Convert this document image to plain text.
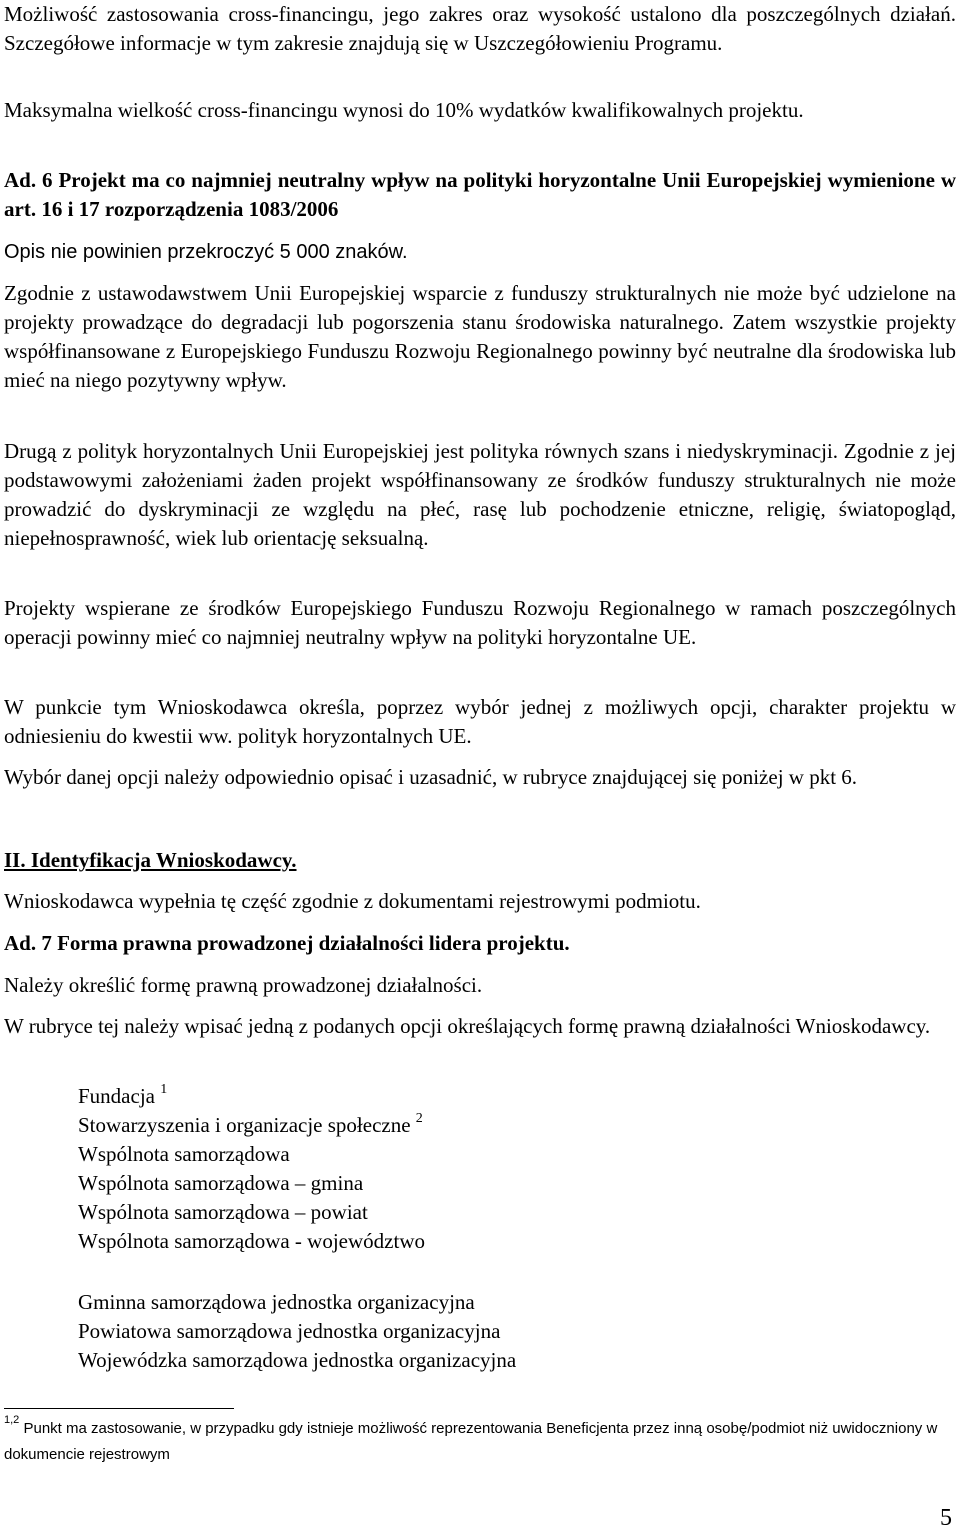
Możliwość zastosowania cross-financingu, jego zakres oraz wysokość ustalono dla poszczególnych działań. Szczegółowe informacje w tym zakresie znajdują się w Uszczegółowieniu Programu.

Maksymalna wielkość cross-financingu wynosi do 10% wydatków kwalifikowalnych projektu.

Ad. 6 Projekt ma co najmniej neutralny wpływ na polityki horyzontalne Unii Europejskiej wymienione w art. 16 i 17 rozporządzenia 1083/2006

Opis nie powinien przekroczyć 5 000 znaków.

Zgodnie z ustawodawstwem Unii Europejskiej wsparcie z funduszy strukturalnych nie może być udzielone na projekty prowadzące do degradacji lub pogorszenia stanu środowiska naturalnego. Zatem wszystkie projekty współfinansowane z Europejskiego Funduszu Rozwoju Regionalnego powinny być neutralne dla środowiska lub mieć na niego pozytywny wpływ.

Drugą z polityk horyzontalnych Unii Europejskiej jest polityka równych szans i niedyskryminacji. Zgodnie z jej podstawowymi założeniami żaden projekt współfinansowany ze środków funduszy strukturalnych nie może prowadzić do dyskryminacji ze względu na płeć, rasę lub pochodzenie etniczne, religię, światopogląd, niepełnosprawność, wiek lub orientację seksualną.

Projekty wspierane ze środków Europejskiego Funduszu Rozwoju Regionalnego w ramach poszczególnych operacji powinny mieć co najmniej neutralny wpływ na polityki horyzontalne UE.

W punkcie tym Wnioskodawca określa, poprzez wybór jednej z możliwych opcji, charakter projektu w odniesieniu do kwestii ww. polityk horyzontalnych UE.

Wybór danej opcji należy odpowiednio opisać i uzasadnić, w rubryce znajdującej się poniżej w pkt 6.

II. Identyfikacja Wnioskodawcy.

Wnioskodawca wypełnia tę część zgodnie z dokumentami rejestrowymi podmiotu.

Ad. 7 Forma prawna prowadzonej działalności lidera projektu.

Należy określić formę prawną prowadzonej działalności.

W rubryce tej należy wpisać jedną z podanych opcji określających formę prawną działalności Wnioskodawcy.

Fundacja $^1$
Stowarzyszenia i organizacje społeczne $^2$
Wspólnota samorządowa
Wspólnota samorządowa – gmina
Wspólnota samorządowa – powiat
Wspólnota samorządowa - województwo
Gminna samorządowa jednostka organizacyjna
Powiatowa samorządowa jednostka organizacyjna
Wojewódzka samorządowa jednostka organizacyjna

$^{1,2}$ Punkt ma zastosowanie, w przypadku gdy istnieje możliwość reprezentowania Beneficjenta przez inną osobę/podmiot niż uwidoczniony w dokumencie rejestrowym

5
